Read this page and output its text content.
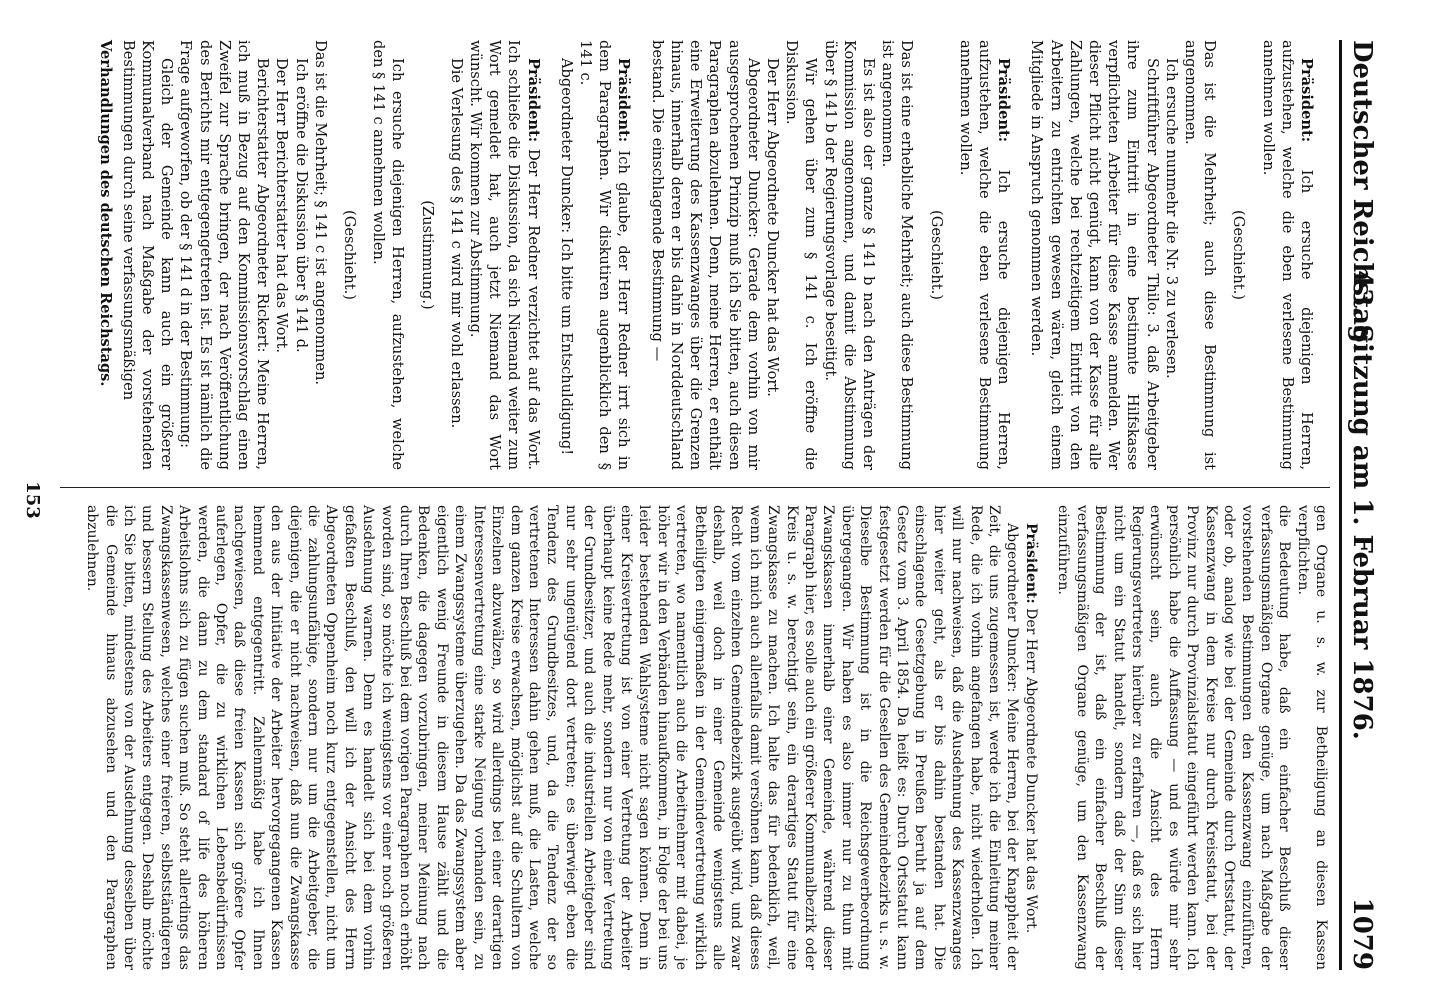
Deutscher Reichstag.
43. Sitzung am 1. Februar 1876.
1079

Präsident: Ich ersuche diejenigen Herren, aufzustehen, welche die eben verlesene Bestimmung annehmen wollen.

(Geschieht.)

Das ist die Mehrheit; auch diese Bestimmung ist angenommen.

Ich ersuche nunmehr die Nr. 3 zu verlesen.

Schriftführer Abgeordneter Thilo: 3. daß Arbeitgeber ihre zum Eintritt in eine bestimmte Hilfskasse verpflichteten Arbeiter für diese Kasse anmelden. Wer dieser Pflicht nicht genügt, kann von der Kasse für alle Zahlungen, welche bei rechtzeitigem Eintritt von den Arbeitern zu entrichten gewesen wären, gleich einem Mitgliede in Anspruch genommen werden.

Präsident: Ich ersuche diejenigen Herren, aufzustehen, welche die eben verlesene Bestimmung annehmen wollen.

(Geschieht.)

Das ist eine erhebliche Mehrheit; auch diese Bestimmung ist angenommen.

Es ist also der ganze § 141 b nach den Anträgen der Kommission angenommen, und damit die Abstimmung über § 141 b der Regierungsvorlage beseitigt.

Wir gehen über zum § 141 c. Ich eröffne die Diskussion.

Der Herr Abgeordnete Duncker hat das Wort.

Abgeordneter Duncker: Gerade dem vorhin von mir ausgesprochenen Prinzip muß ich Sie bitten, auch diesen Paragraphen abzulehnen. Denn, meine Herren, er enthält eine Erweiterung des Kassenzwanges über die Grenzen hinaus, innerhalb deren er bis dahin in Norddeutschland bestand. Die einschlagende Bestimmung —

Präsident: Ich glaube, der Herr Redner irrt sich in dem Paragraphen. Wir diskutiren augenblicklich den § 141 c.

Abgeordneter Duncker: Ich bitte um Entschuldigung!

Präsident: Der Herr Redner verzichtet auf das Wort. Ich schließe die Diskussion, da sich Niemand weiter zum Wort gemeldet hat, auch jetzt Niemand das Wort wünscht. Wir kommen zur Abstimmung.

Die Verlesung des § 141 c wird mir wohl erlassen.

(Zustimmung.)

Ich ersuche diejenigen Herren, aufzustehen, welche den § 141 c annehmen wollen.

(Geschieht.)

Das ist die Mehrheit; § 141 c ist angenommen.

Ich eröffne die Diskussion über § 141 d.

Der Herr Berichterstatter hat das Wort.

Berichterstatter Abgeordneter Rickert: Meine Herren, ich muß in Bezug auf den Kommissionsvorschlag einen Zweifel zur Sprache bringen, der nach Veröffentlichung des Berichts mir entgegengetreten ist. Es ist nämlich die Frage aufgeworfen, ob der § 141 d in der Bestimmung:

Gleich der Gemeinde kann auch ein größerer Kommunalverband nach Maßgabe der vorstehenden Bestimmungen durch seine verfassungsmäßigen

Verhandlungen des deutschen Reichstags.

gen Organe u. s. w. zur Betheiligung an diesen Kassen verpflichten.

die Bedeutung habe, daß ein einfacher Beschluß dieser verfassungsmäßigen Organe genüge, um nach Maßgabe der vorstehenden Bestimmungen den Kassenzwang einzuführen, oder ob, analog wie bei der Gemeinde durch Ortsstatut, der Kassenzwang in dem Kreise nur durch Kreisstatut, bei der Provinz nur durch Provinzialstatut eingeführt werden kann. Ich persönlich habe die Auffassung — und es würde mir sehr erwünscht sein, auch die Ansicht des Herrn Regierungsvertreters hierüber zu erfahren —, daß es sich hier nicht um ein Statut handelt, sondern daß der Sinn dieser Bestimmung der ist, daß ein einfacher Beschluß der verfassungsmäßigen Organe genüge, um den Kassenzwang einzuführen.

Präsident: Der Herr Abgeordnete Duncker hat das Wort.

Abgeordneter Duncker: Meine Herren, bei der Knappheit der Zeit, die uns zugemessen ist, werde ich die Einleitung meiner Rede, die ich vorhin angefangen habe, nicht wiederholen. Ich will nur nachweisen, daß die Ausdehnung des Kassenzwanges hier weiter geht, als er bis dahin bestanden hat. Die einschlagende Gesetzgebung in Preußen beruht ja auf dem Gesetz vom 3. April 1854. Da heißt es: Durch Ortsstatut kann festgesetzt werden für die Gesellen des Gemeindebezirks u. s. w. Dieselbe Bestimmung ist in die Reichsgewerbeordnung übergegangen. Wir haben es also immer nur zu thun mit Zwangskassen innerhalb einer Gemeinde, während dieser Paragraph hier, es solle auch ein größerer Kommunalbezirk oder Kreis u. s. w. berechtigt sein, ein derartiges Statut für eine Zwangskasse zu machen. Ich halte das für bedenklich, weil, wenn ich mich auch allenfalls damit versöhnen kann, daß dieses Recht vom einzelnen Gemeindebezirk ausgeübt wird, und zwar deshalb, weil doch in einer Gemeinde wenigstens alle Betheiligten einigermaßen in der Gemeindevertretung wirklich vertreten, wo namentlich auch die Arbeitnehmer mit dabei, je höher wir in den Verbänden hinaufkommen, in Folge der bei uns leider bestehenden Wahlsysteme nicht sagen können. Denn in einer Kreisvertretung ist von einer Vertretung der Arbeiter überhaupt keine Rede mehr, sondern nur von einer Vertretung der Grundbesitzer, und auch die industriellen Arbeitgeber sind nur sehr ungenügend dort vertreten; es überwiegt eben die Tendenz des Grundbesitzes, und, da die Tendenz der so vertretenen Interessen dahin gehen muß, die Lasten, welche dem ganzen Kreise erwachsen, möglichst auf die Schultern von Einzelnen abzuwälzen, so wird allerdings bei einer derartigen Interessenvertretung eine starke Neigung vorhanden sein, zu einem Zwangssysteme überzugehen. Da das Zwangssystem aber eigentlich wenig Freunde in diesem Hause zählt und die Bedenken, die dagegen vorzubringen, meiner Meinung nach durch Ihren Beschluß bei dem vorigen Paragraphen noch erhöht worden sind, so möchte ich wenigstens vor einer noch größeren Ausdehnung warnen. Denn es handelt sich bei dem vorhin gefaßten Beschluß, den will ich der Ansicht des Herrn Abgeordneten Oppenheim noch kurz entgegenstellen, nicht um die zahlungsunfähige, sondern nur um die Arbeitgeber, die diejenigen, die er nicht nachweisen, daß nun die Zwangskasse den aus der Initiative der Arbeiter hervorgegangenen Kassen hemmend entgegentritt. Zahlenmäßig habe ich Ihnen nachgewiesen, daß diese freien Kassen sich größere Opfer auferlegen, Opfer, die zu wirklichen Lebensbedürfnissen werden, die dann zu dem standard of life des höheren Arbeitslohns sich zu fügen suchen muß. So steht allerdings das Zwangskassenwesen, welches einer freieren, selbstständigeren und bessern Stellung des Arbeiters entgegen. Deshalb möchte ich Sie bitten, mindestens von der Ausdehnung desselben über die Gemeinde hinaus abzusehen und den Paragraphen abzulehnen.

153
